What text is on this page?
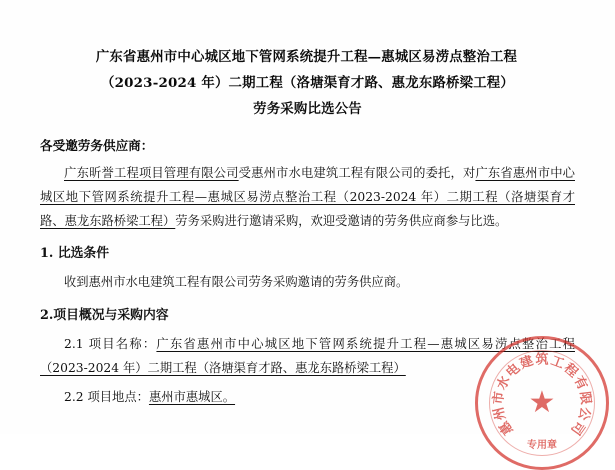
广东省惠州市中心城区地下管网系统提升工程—惠城区易涝点整治工程
（2023-2024 年）二期工程（洛塘渠育才路、惠龙东路桥梁工程）
劳务采购比选公告
各受邀劳务供应商：
广东昕誉工程项目管理有限公司受惠州市水电建筑工程有限公司的委托，对广东省惠州市中心城区地下管网系统提升工程—惠城区易涝点整治工程（2023-2024 年）二期工程（洛塘渠育才路、惠龙东路桥梁工程）劳务采购进行邀请采购，欢迎受邀请的劳务供应商参与比选。
1. 比选条件
收到惠州市水电建筑工程有限公司劳务采购邀请的劳务供应商。
2.项目概况与采购内容
2.1 项目名称：广东省惠州市中心城区地下管网系统提升工程—惠城区易涝点整治工程（2023-2024 年）二期工程（洛塘渠育才路、惠龙东路桥梁工程）
2.2 项目地点：惠州市惠城区。
惠
州
市
水
电
建 筑 工
程
有
限
公
司
★
专用章
